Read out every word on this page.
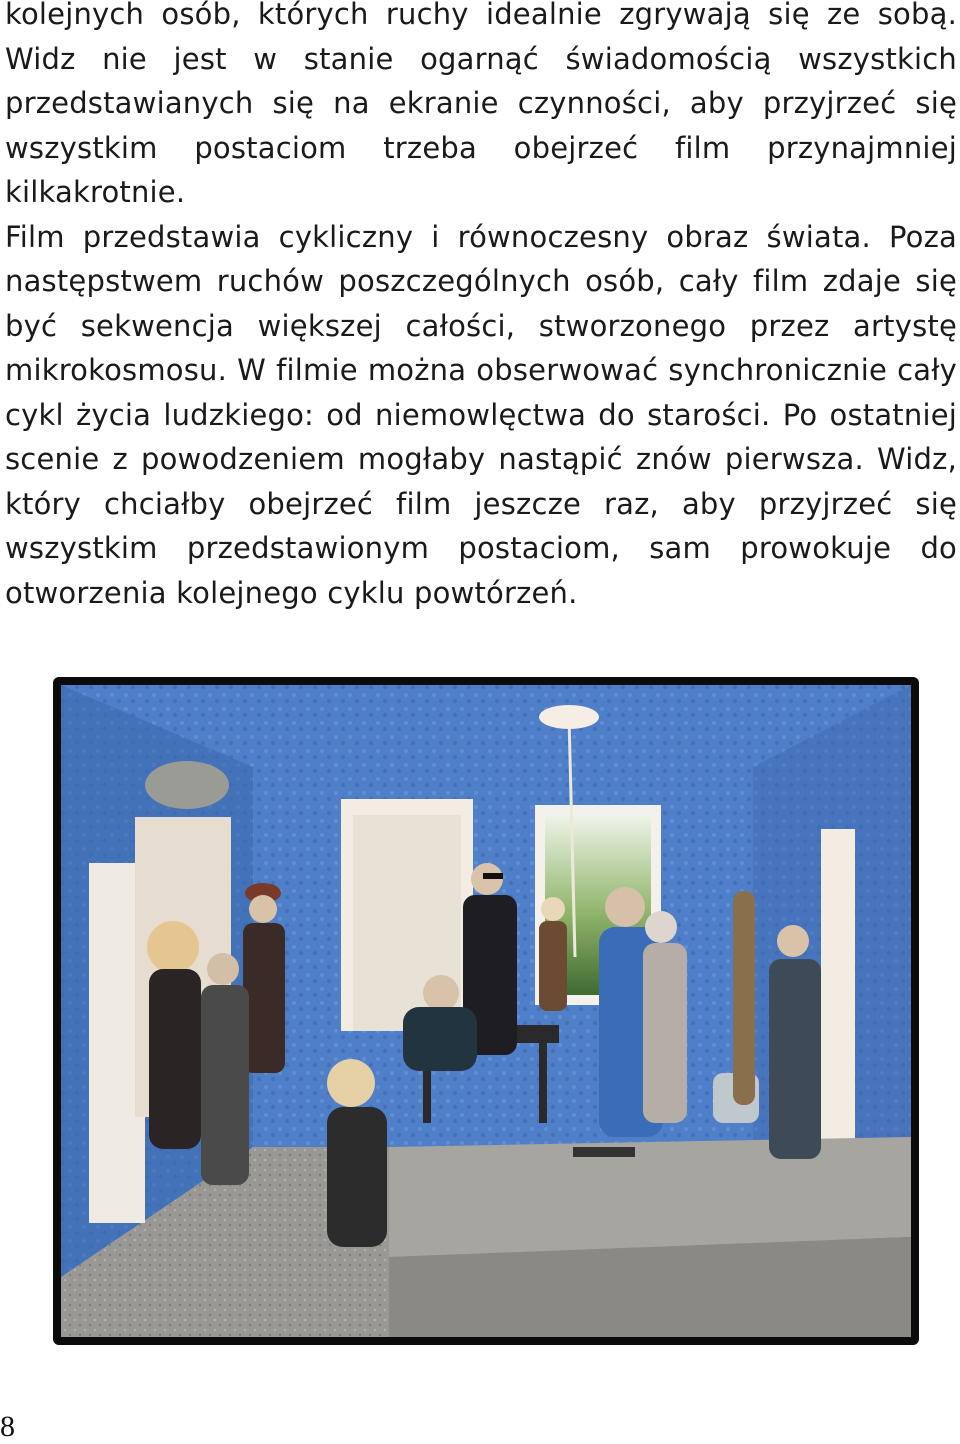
kolejnych osób, których ruchy idealnie zgrywają się ze sobą. Widz nie jest w stanie ogarnąć świadomością wszystkich przedstawianych się na ekranie czynności, aby przyjrzeć się wszystkim postaciom trzeba obejrzeć film przynajmniej kilkakrotnie.

Film przedstawia cykliczny i równoczesny obraz świata. Poza następstwem ruchów poszczególnych osób, cały film zdaje się być sekwencja większej całości, stworzonego przez artystę mikrokosmosu. W filmie można obserwować synchronicznie cały cykl życia ludzkiego: od niemowlęctwa do starości. Po ostatniej scenie z powodzeniem mogłaby nastąpić znów pierwsza. Widz, który chciałby obejrzeć film jeszcze raz, aby przyjrzeć się wszystkim przedstawionym postaciom, sam prowokuje do otworzenia kolejnego cyklu powtórzeń.

8
